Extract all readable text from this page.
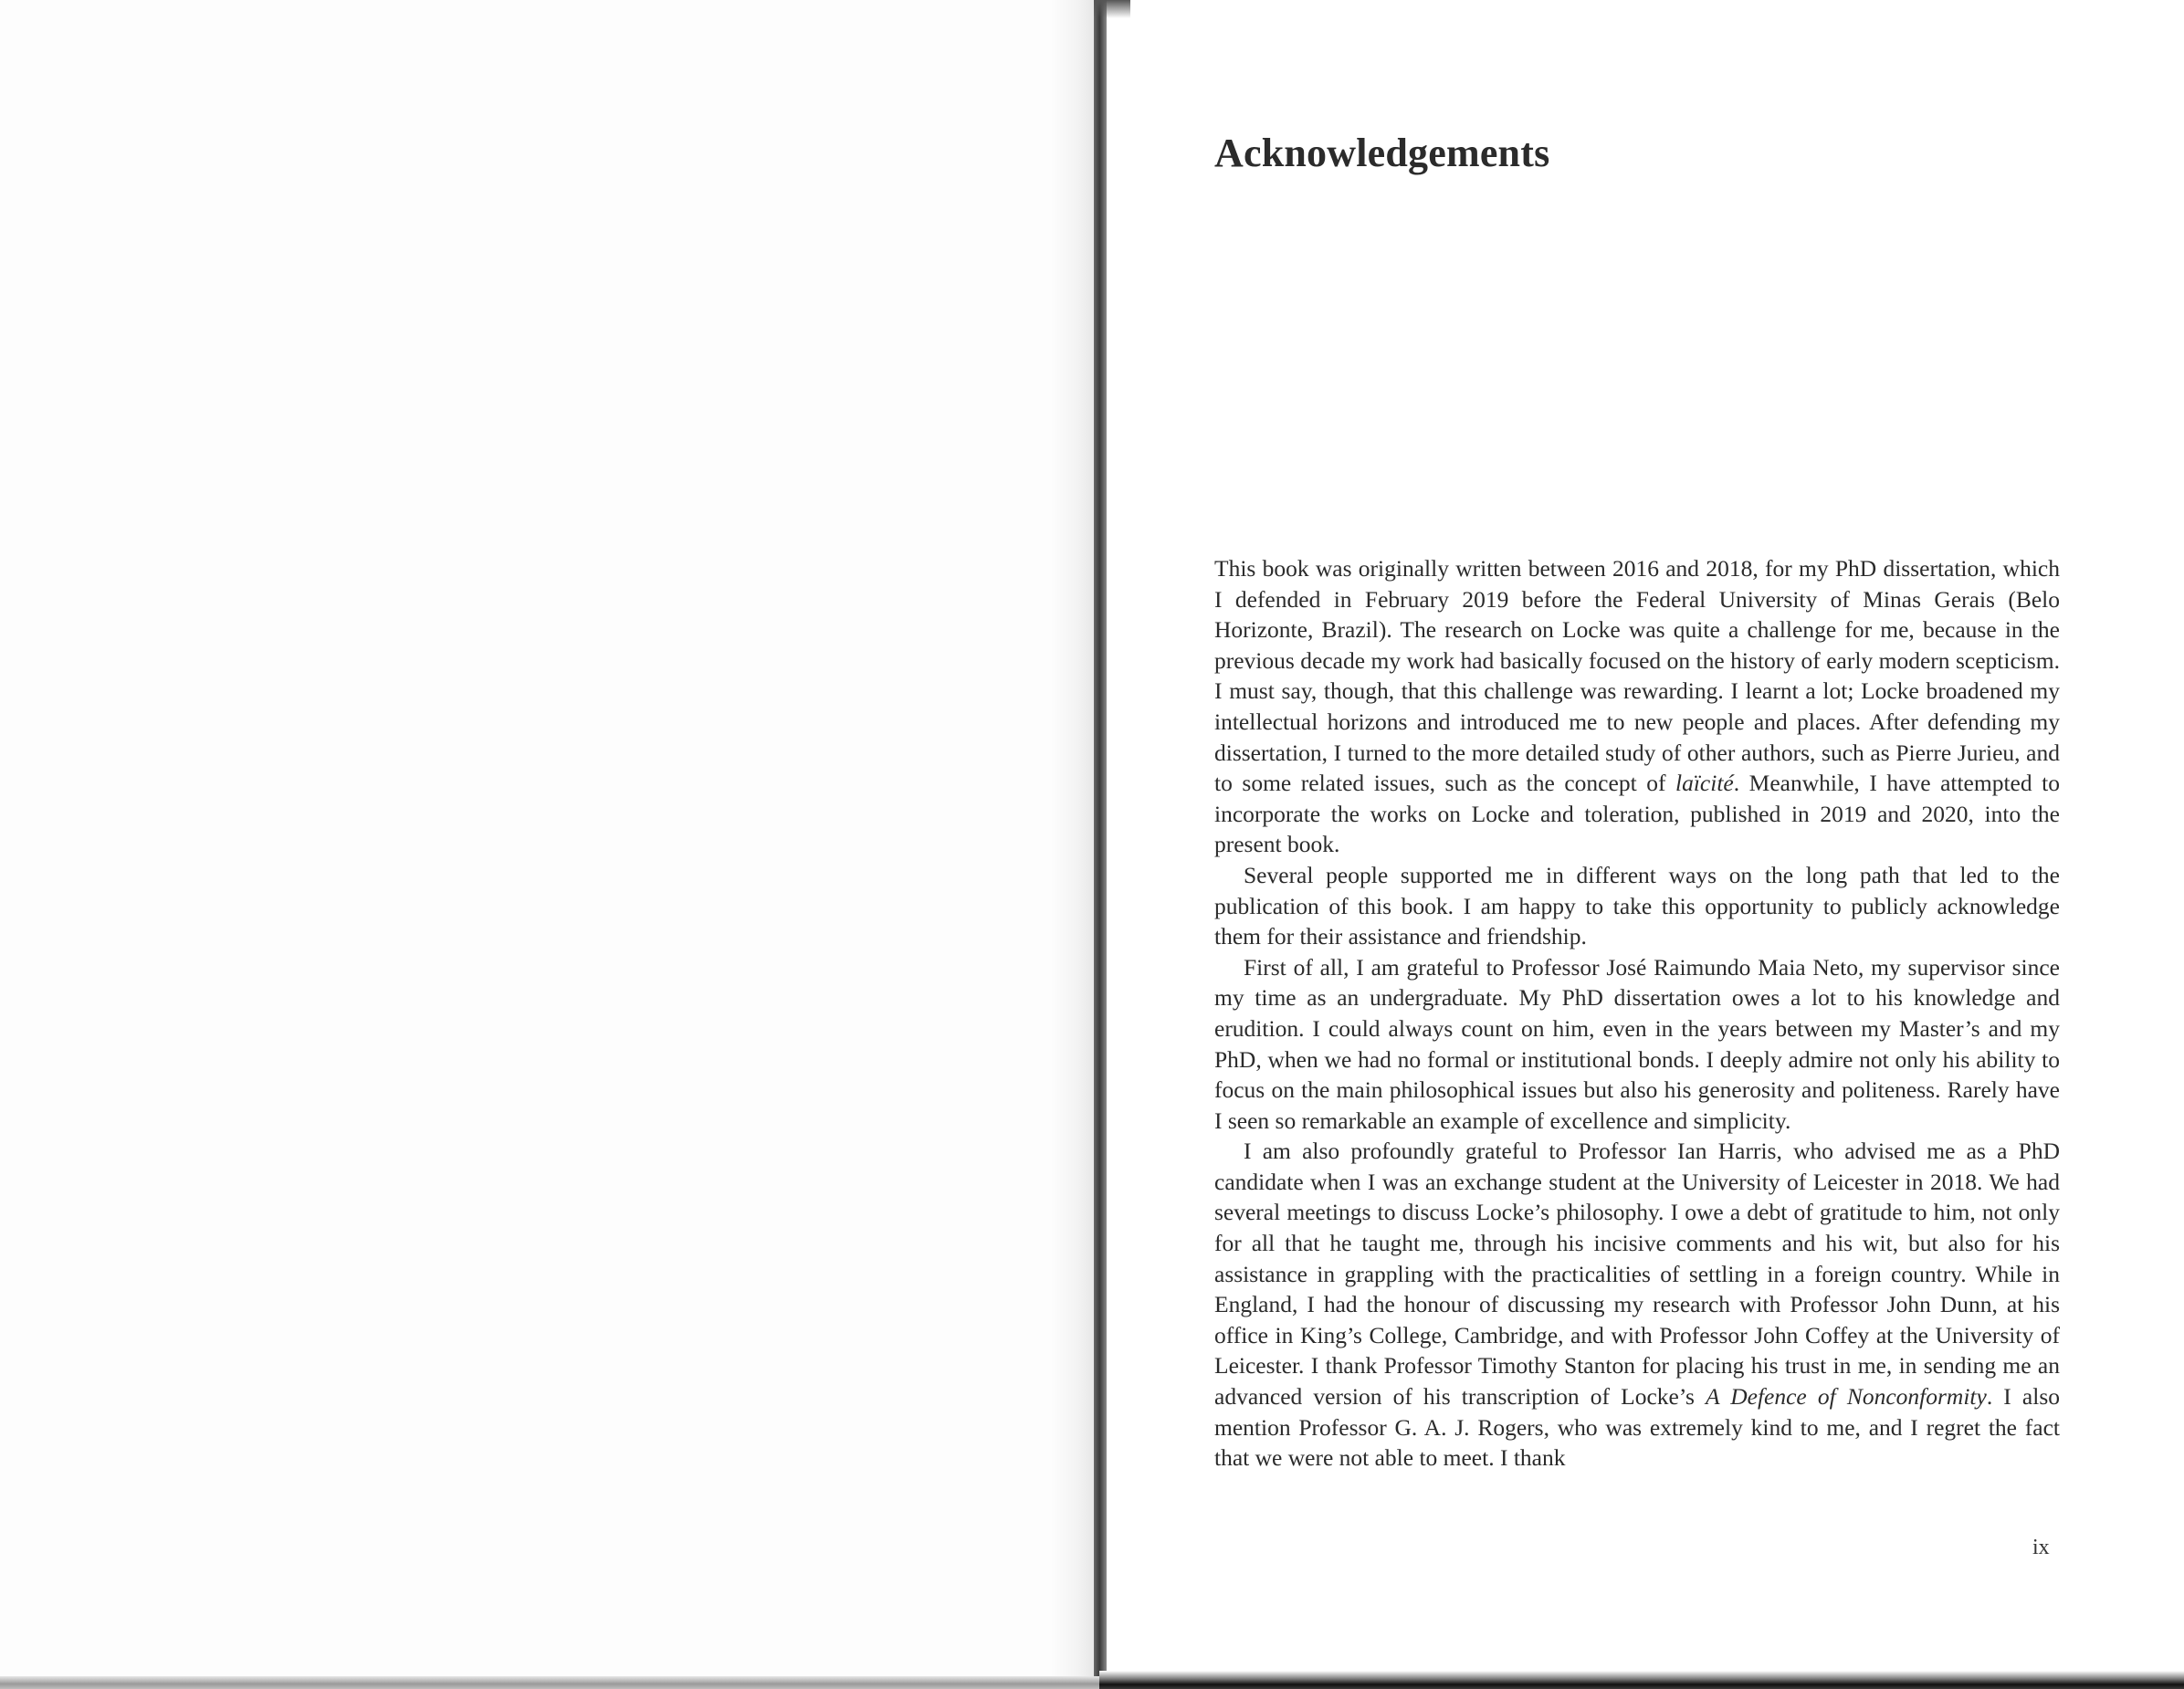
Acknowledgements

This book was originally written between 2016 and 2018, for my PhD dissertation, which I defended in February 2019 before the Federal University of Minas Gerais (Belo Horizonte, Brazil). The research on Locke was quite a challenge for me, because in the previous decade my work had basically focused on the history of early modern scepticism. I must say, though, that this challenge was rewarding. I learnt a lot; Locke broadened my intellectual horizons and introduced me to new people and places. After defending my dissertation, I turned to the more detailed study of other authors, such as Pierre Jurieu, and to some related issues, such as the concept of laïcité. Meanwhile, I have attempted to incorporate the works on Locke and toleration, published in 2019 and 2020, into the present book.

Several people supported me in different ways on the long path that led to the publication of this book. I am happy to take this opportunity to publicly acknowledge them for their assistance and friendship.

First of all, I am grateful to Professor José Raimundo Maia Neto, my supervisor since my time as an undergraduate. My PhD dissertation owes a lot to his knowledge and erudition. I could always count on him, even in the years between my Master’s and my PhD, when we had no formal or institutional bonds. I deeply admire not only his ability to focus on the main philosophical issues but also his generosity and politeness. Rarely have I seen so remarkable an example of excellence and simplicity.

I am also profoundly grateful to Professor Ian Harris, who advised me as a PhD candidate when I was an exchange student at the University of Leicester in 2018. We had several meetings to discuss Locke’s philosophy. I owe a debt of gratitude to him, not only for all that he taught me, through his incisive comments and his wit, but also for his assistance in grappling with the practicalities of settling in a foreign country. While in England, I had the honour of discussing my research with Professor John Dunn, at his office in King’s College, Cambridge, and with Professor John Coffey at the University of Leicester. I thank Professor Timothy Stanton for placing his trust in me, in sending me an advanced version of his transcription of Locke’s A Defence of Nonconformity. I also mention Professor G. A. J. Rogers, who was extremely kind to me, and I regret the fact that we were not able to meet. I thank

ix
